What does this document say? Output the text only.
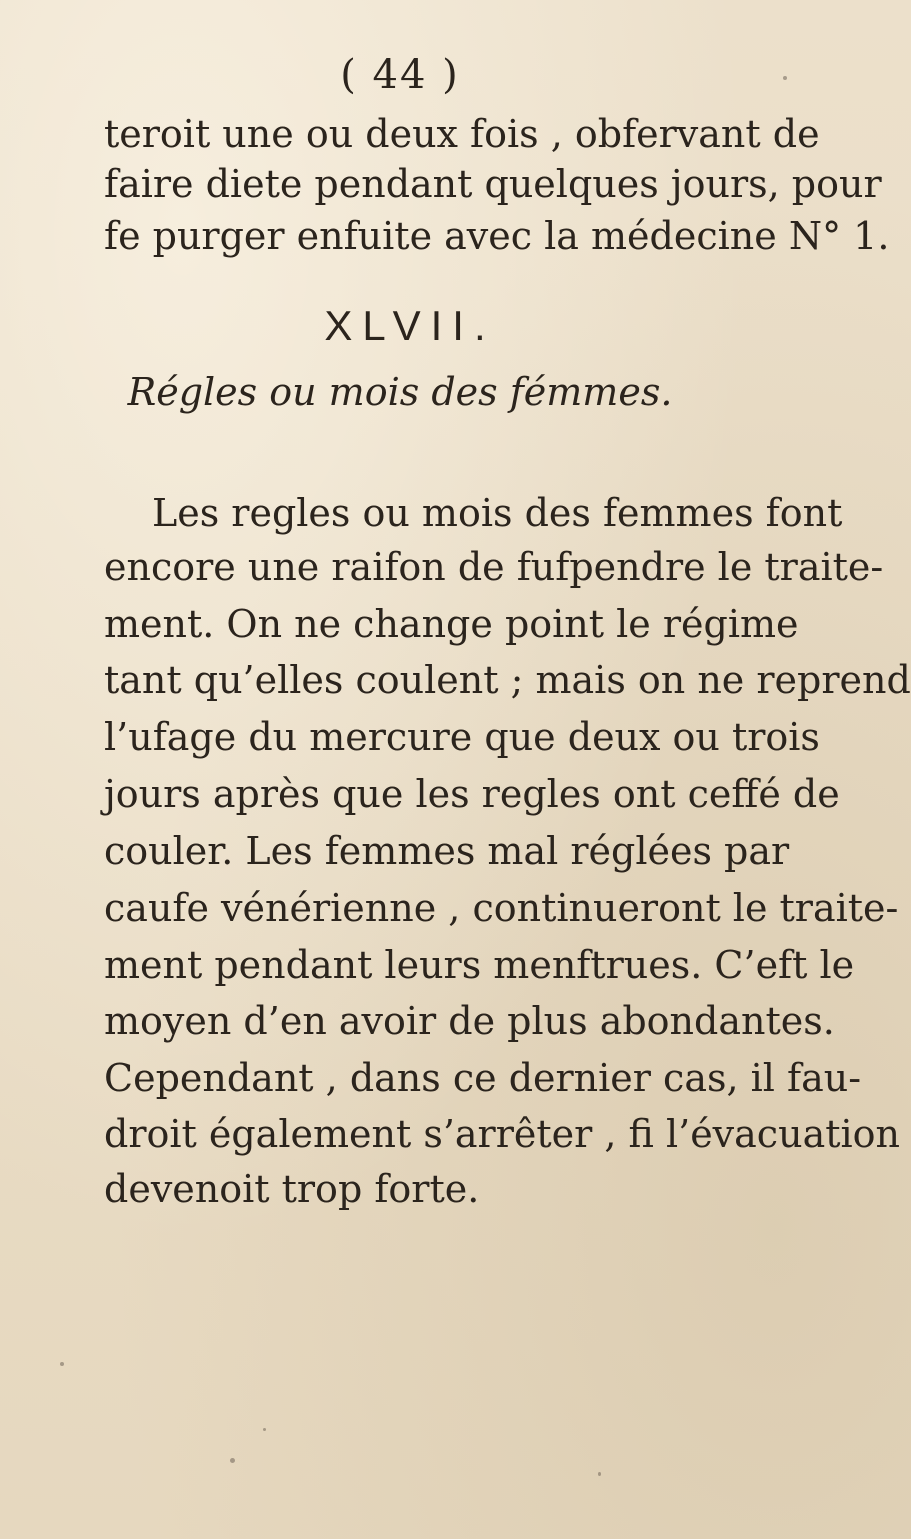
( 44 )
teroit une ou deux fois , obfervant de
faire diete pendant quelques jours, pour
fe purger enfuite avec la médecine N° 1.
XLVII.
Régles ou mois des fémmes.
Les regles ou mois des femmes font
encore une raifon de fufpendre le traite-
ment. On ne change point le régime
tant qu’elles coulent ; mais on ne reprend
l’ufage du mercure que deux ou trois
jours après que les regles ont ceffé de
couler. Les femmes mal réglées par
caufe vénérienne , continueront le traite-
ment pendant leurs menftrues. C’eft le
moyen d’en avoir de plus abondantes.
Cependant , dans ce dernier cas, il fau-
droit également s’arrêter , fi l’évacuation
devenoit trop forte.
